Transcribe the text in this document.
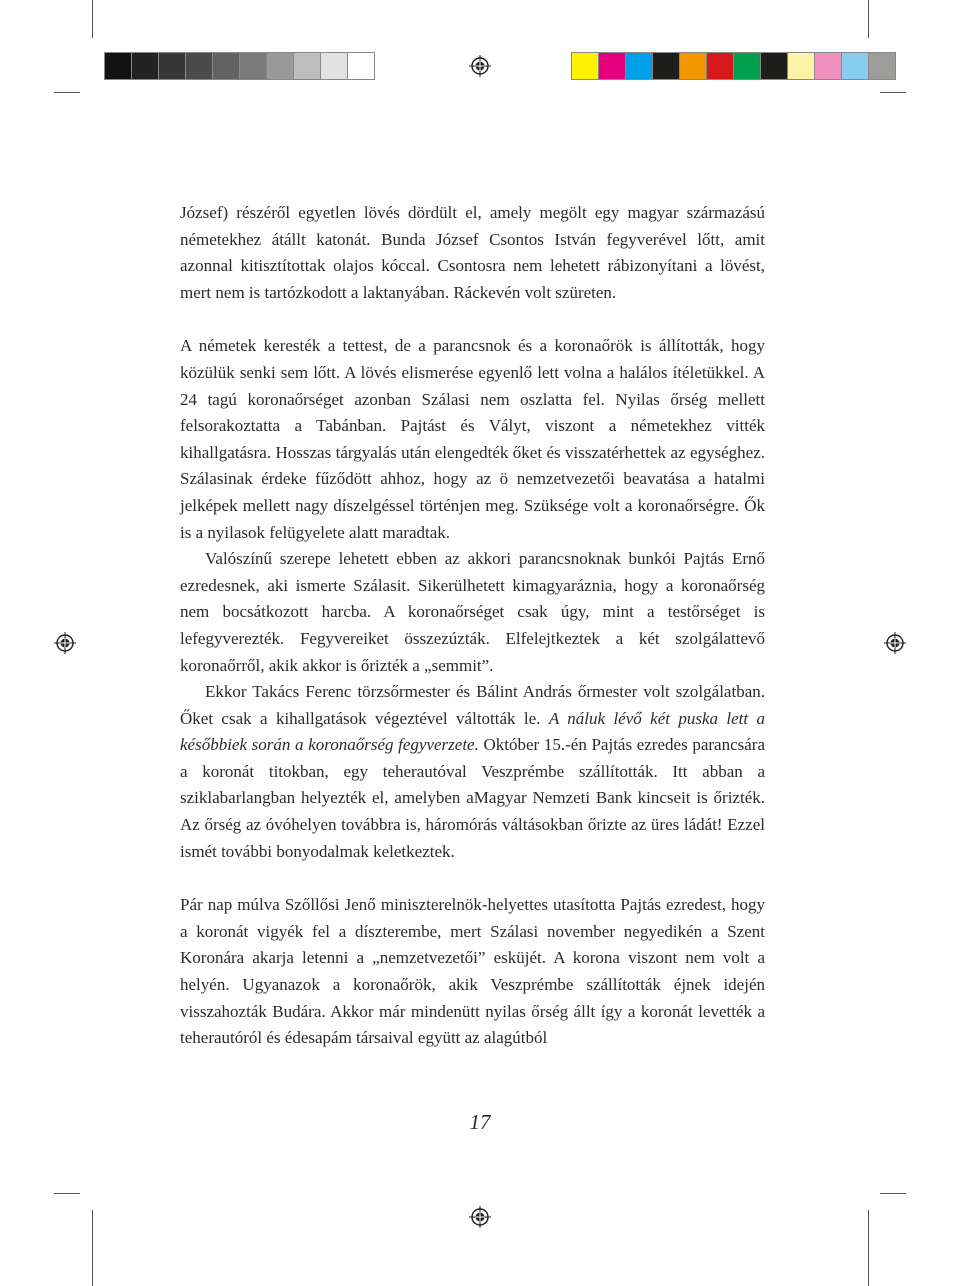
József) részéről egyetlen lövés dördült el, amely megölt egy magyar származású németekhez átállt katonát. Bunda József Csontos István fegyverével lőtt, amit azonnal kitisztítottak olajos kóccal. Csontosra nem lehetett rábizonyítani a lövést, mert nem is tartózkodott a laktanyában. Ráckevén volt szüreten.

A németek keresték a tettest, de a parancsnok és a koronaőrök is állították, hogy közülük senki sem lőtt. A lövés elismerése egyenlő lett volna a halálos ítéletükkel. A 24 tagú koronaőrséget azonban Szálasi nem oszlatta fel. Nyilas őrség mellett felsorakoztatta a Tabánban. Pajtást és Vályt, viszont a németekhez vitték kihallgatásra. Hosszas tárgyalás után elengedték őket és visszatérhettek az egységhez. Szálasinak érdeke fűződött ahhoz, hogy az ö nemzetvezetői beavatása a hatalmi jelképek mellett nagy díszelgéssel történjen meg. Szüksége volt a koronaőrségre. Ők is a nyilasok felügyelete alatt maradtak.

Valószínű szerepe lehetett ebben az akkori parancsnoknak bunkói Pajtás Ernő ezredesnek, aki ismerte Szálasit. Sikerülhetett kimagyaráznia, hogy a koronaőrség nem bocsátkozott harcba. A koronaőrséget csak úgy, mint a testőrséget is lefegyverezték. Fegyvereiket összezúzták. Elfelejtkeztek a két szolgálattevő koronaőrről, akik akkor is őrizték a „semmit”.

Ekkor Takács Ferenc törzsőrmester és Bálint András őrmester volt szolgálatban. Őket csak a kihallgatások végeztével váltották le. A náluk lévő két puska lett a későbbiek során a koronaőrség fegyverzete. Október 15.-én Pajtás ezredes parancsára a koronát titokban, egy teherautóval Veszprémbe szállították. Itt abban a sziklabarlangban helyezték el, amelyben aMagyar Nemzeti Bank kincseit is őrizték. Az őrség az óvóhelyen továbbra is, háromórás váltásokban őrizte az üres ládát! Ezzel ismét további bonyodalmak keletkeztek.

Pár nap múlva Szőllősi Jenő miniszterelnök-helyettes utasította Pajtás ezredest, hogy a koronát vigyék fel a díszterembe, mert Szálasi november negyedikén a Szent Koronára akarja letenni a „nemzetvezetői” esküjét. A korona viszont nem volt a helyén. Ugyanazok a koronaőrök, akik Veszprémbe szállították éjnek idején visszahozták Budára. Akkor már mindenütt nyilas őrség állt így a koronát levették a teherautóról és édesapám társaival együtt az alagútból

17
